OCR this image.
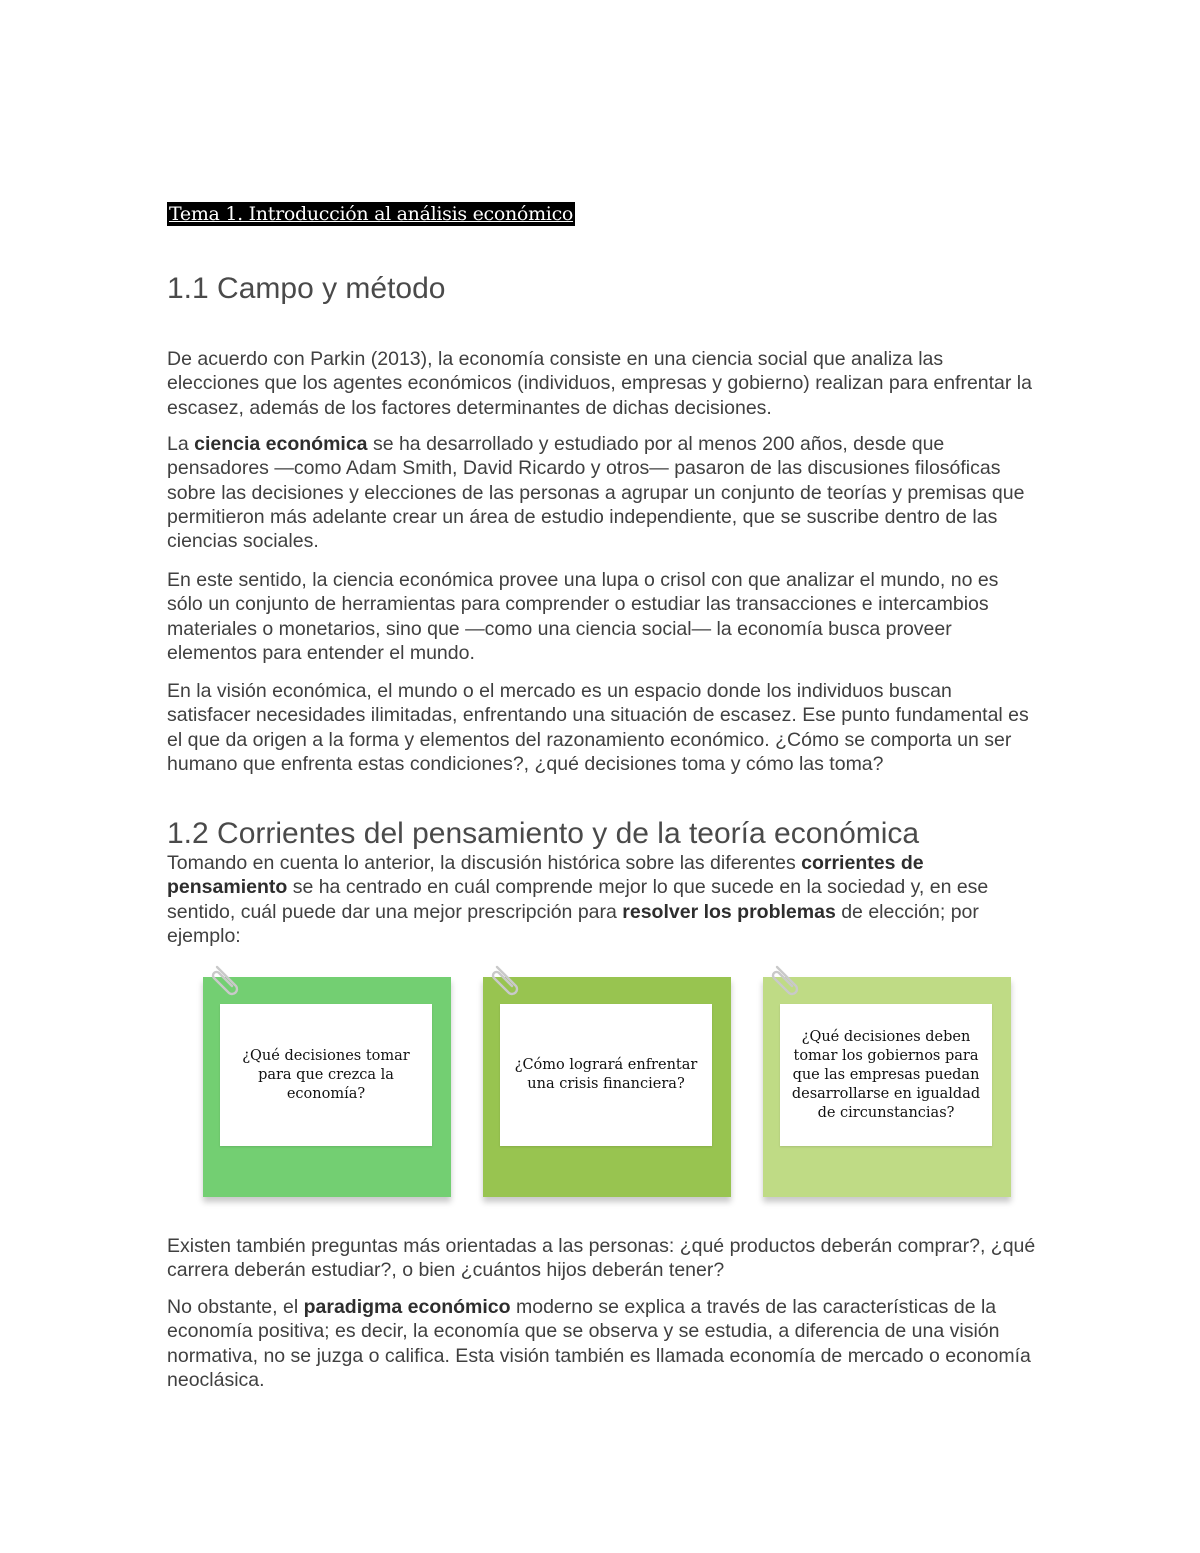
Tema 1. Introducción al análisis económico
1.1 Campo y método

De acuerdo con Parkin (2013), la economía consiste en una ciencia social que analiza las elecciones que los agentes económicos (individuos, empresas y gobierno) realizan para enfrentar la escasez, además de los factores determinantes de dichas decisiones.

La ciencia económica se ha desarrollado y estudiado por al menos 200 años, desde que pensadores —como Adam Smith, David Ricardo y otros— pasaron de las discusiones filosóficas sobre las decisiones y elecciones de las personas a agrupar un conjunto de teorías y premisas que permitieron más adelante crear un área de estudio independiente, que se suscribe dentro de las ciencias sociales.

En este sentido, la ciencia económica provee una lupa o crisol con que analizar el mundo, no es sólo un conjunto de herramientas para comprender o estudiar las transacciones e intercambios materiales o monetarios, sino que —como una ciencia social— la economía busca proveer elementos para entender el mundo.

En la visión económica, el mundo o el mercado es un espacio donde los individuos buscan satisfacer necesidades ilimitadas, enfrentando una situación de escasez. Ese punto fundamental es el que da origen a la forma y elementos del razonamiento económico. ¿Cómo se comporta un ser humano que enfrenta estas condiciones?, ¿qué decisiones toma y cómo las toma?

1.2 Corrientes del pensamiento y de la teoría económica

Tomando en cuenta lo anterior, la discusión histórica sobre las diferentes corrientes de pensamiento se ha centrado en cuál comprende mejor lo que sucede en la sociedad y, en ese sentido, cuál puede dar una mejor prescripción para resolver los problemas de elección; por ejemplo:

¿Qué decisiones tomar para que crezca la economía?
¿Cómo logrará enfrentar una crisis financiera?
¿Qué decisiones deben tomar los gobiernos para que las empresas puedan desarrollarse en igualdad de circunstancias?

Existen también preguntas más orientadas a las personas: ¿qué productos deberán comprar?, ¿qué carrera deberán estudiar?, o bien ¿cuántos hijos deberán tener?

No obstante, el paradigma económico moderno se explica a través de las características de la economía positiva; es decir, la economía que se observa y se estudia, a diferencia de una visión normativa, no se juzga o califica. Esta visión también es llamada economía de mercado o economía neoclásica.
